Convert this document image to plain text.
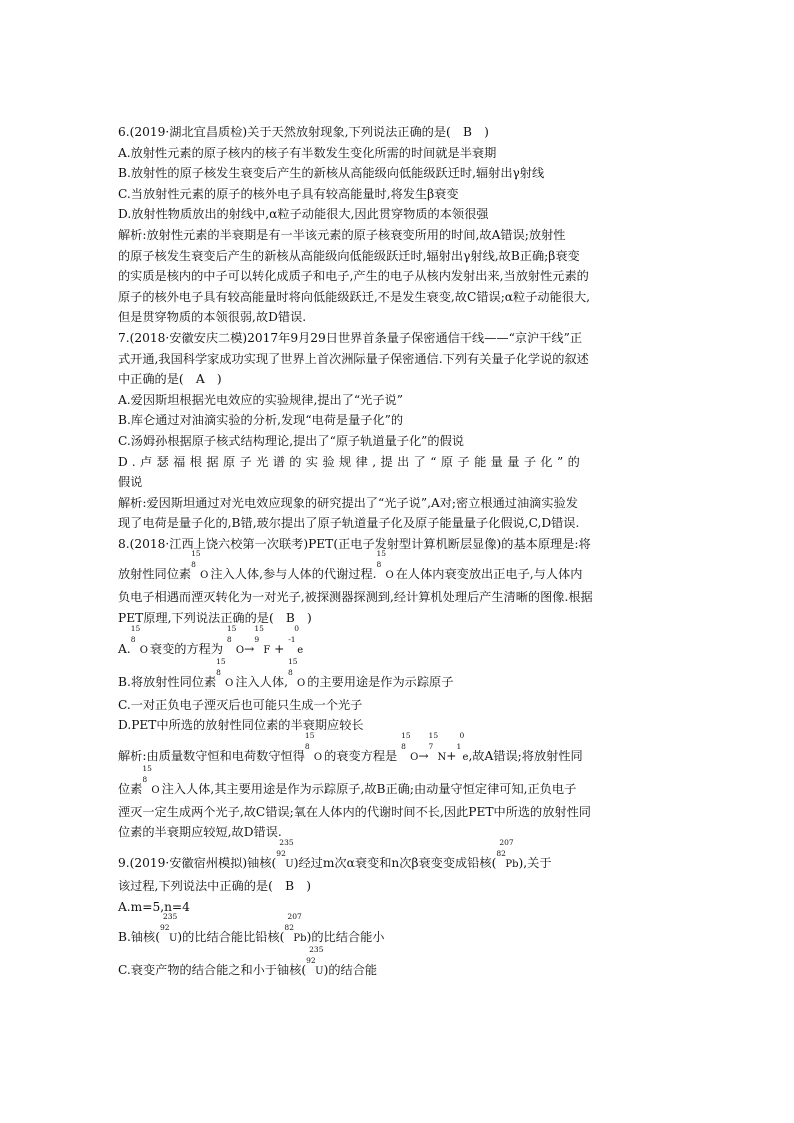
6.(2019·湖北宜昌质检)关于天然放射现象,下列说法正确的是(　B　)
A.放射性元素的原子核内的核子有半数发生变化所需的时间就是半衰期
B.放射性的原子核发生衰变后产生的新核从高能级向低能级跃迁时,辐射出γ射线
C.当放射性元素的原子的核外电子具有较高能量时,将发生β衰变
D.放射性物质放出的射线中,α粒子动能很大,因此贯穿物质的本领很强
解析:放射性元素的半衰期是有一半该元素的原子核衰变所用的时间,故A错误;放射性
的原子核发生衰变后产生的新核从高能级向低能级跃迁时,辐射出γ射线,故B正确;β衰变
的实质是核内的中子可以转化成质子和电子,产生的电子从核内发射出来,当放射性元素的
原子的核外电子具有较高能量时将向低能级跃迁,不是发生衰变,故C错误;α粒子动能很大,
但是贯穿物质的本领很弱,故D错误.
7.(2018·安徽安庆二模)2017年9月29日世界首条量子保密通信干线——“京沪干线”正
式开通,我国科学家成功实现了世界上首次洲际量子保密通信.下列有关量子化学说的叙述
中正确的是(　A　)
A.爱因斯坦根据光电效应的实验规律,提出了“光子说”
B.库仑通过对油滴实验的分析,发现“电荷是量子化”的
C.汤姆孙根据原子核式结构理论,提出了“原子轨道量子化”的假说
D.卢瑟福根据原子光谱的实验规律,提出了“原子能量量子化”的
假说
解析:爱因斯坦通过对光电效应现象的研究提出了“光子说”,A对;密立根通过油滴实验发
现了电荷是量子化的,B错,玻尔提出了原子轨道量子化及原子能量量子化假说,C,D错误.
8.(2018·江西上饶六校第一次联考)PET(正电子发射型计算机断层显像)的基本原理是:将
放射性同位素
15
8
O 注入人体,参与人体的代谢过程.
15
8
O 在人体内衰变放出正电子,与人体内
负电子相遇而湮灭转化为一对光子,被探测器探测到,经计算机处理后产生清晰的图像.根据
PET原理,下列说法正确的是(　B　)
A.
15
8
O 衰变的方程为
15
8
O→
15
9
F +
0
-1
e
B.将放射性同位素
15
8
O 注入人体,
15
8
O 的主要用途是作为示踪原子
C.一对正负电子湮灭后也可能只生成一个光子
D.PET中所选的放射性同位素的半衰期应较长
解析:由质量数守恒和电荷数守恒得
15
8
O 的衰变方程是
15
8
O→
15
7
N+
0
1
e,故A错误;将放射性同
位素
15
8
O 注入人体,其主要用途是作为示踪原子,故B正确;由动量守恒定律可知,正负电子
湮灭一定生成两个光子,故C错误;氧在人体内的代谢时间不长,因此PET中所选的放射性同
位素的半衰期应较短,故D错误.
9.(2019·安徽宿州模拟)铀核(
235
92
U)经过m次α衰变和n次β衰变变成铅核(
207
82
Pb),关于
该过程,下列说法中正确的是(　B　)
A.m=5,n=4
B.铀核(
235
92
U)的比结合能比铅核(
207
82
Pb)的比结合能小
C.衰变产物的结合能之和小于铀核(
235
92
U)的结合能
